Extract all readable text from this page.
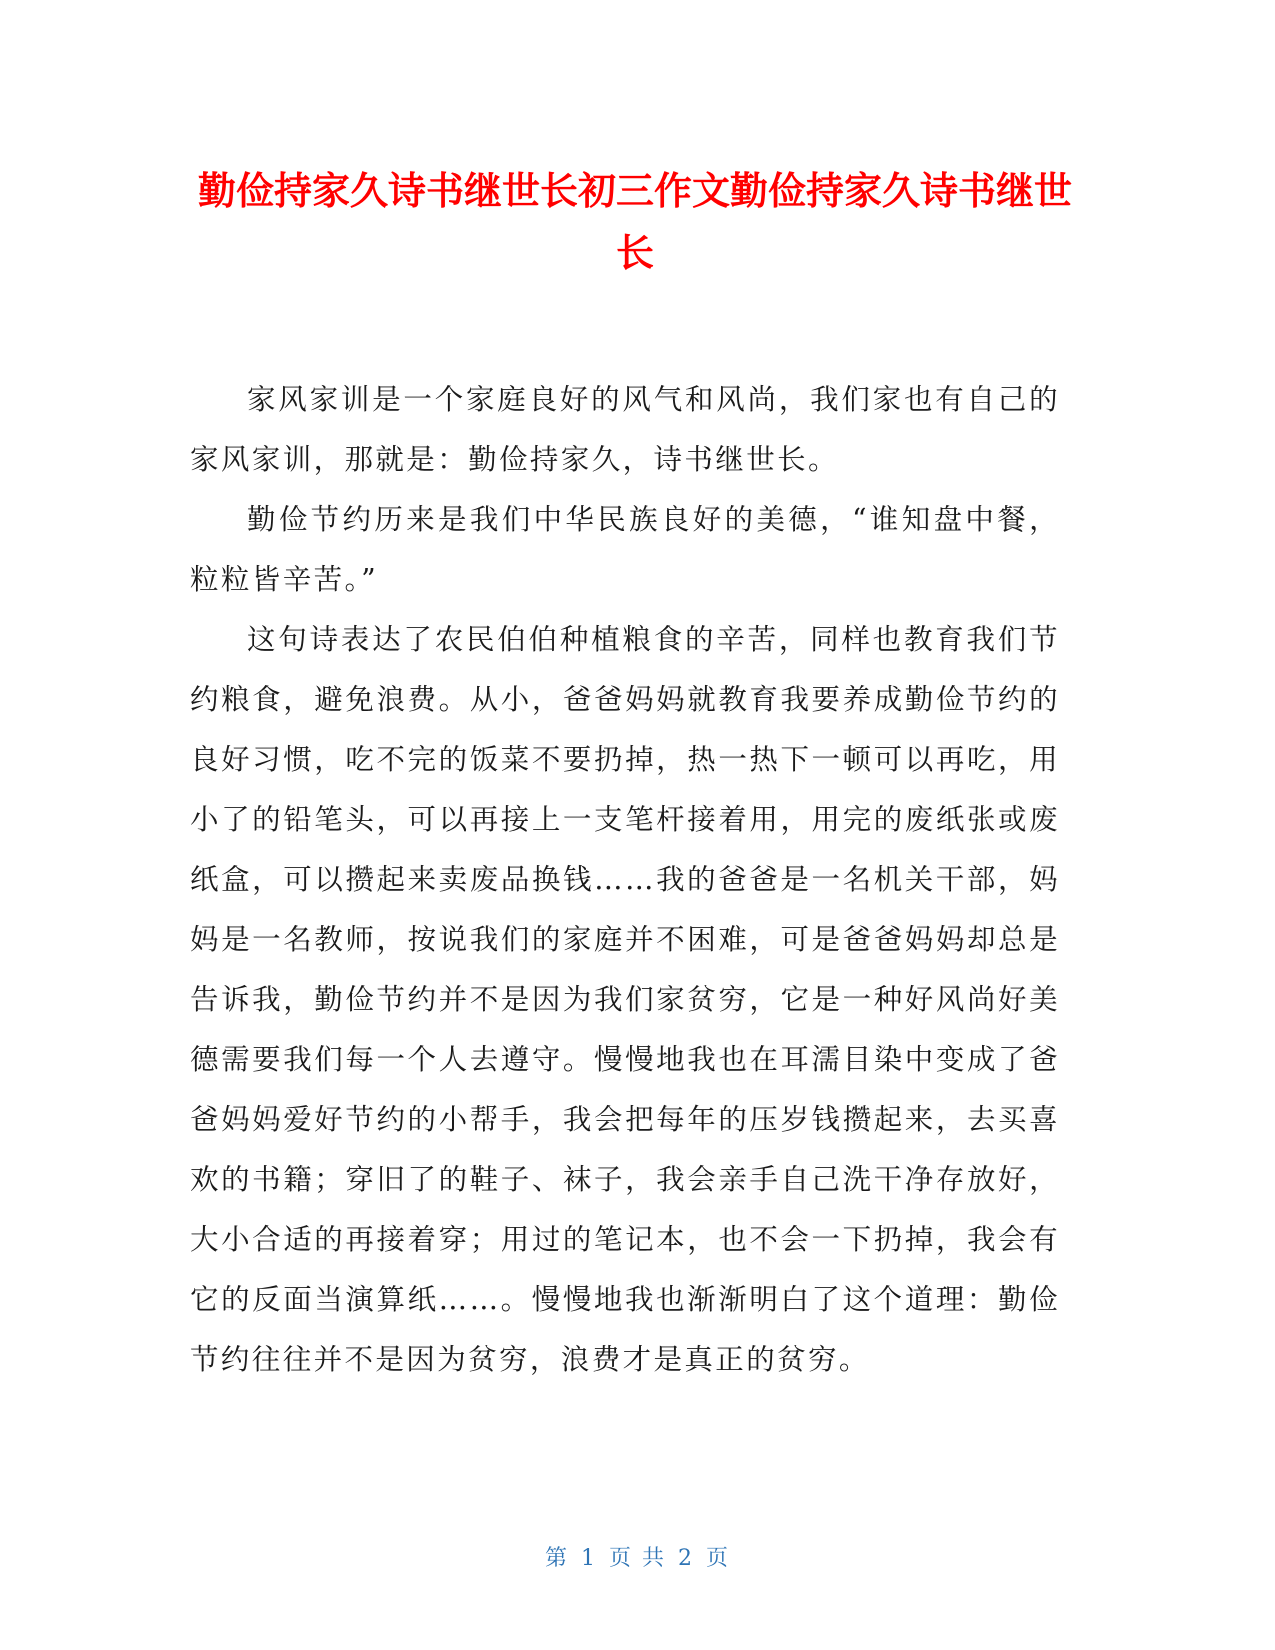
勤俭持家久诗书继世长初三作文勤俭持家久诗书继世长

家风家训是一个家庭良好的风气和风尚，我们家也有自己的家风家训，那就是：勤俭持家久，诗书继世长。

勤俭节约历来是我们中华民族良好的美德，“谁知盘中餐，粒粒皆辛苦。”

这句诗表达了农民伯伯种植粮食的辛苦，同样也教育我们节约粮食，避免浪费。从小，爸爸妈妈就教育我要养成勤俭节约的良好习惯，吃不完的饭菜不要扔掉，热一热下一顿可以再吃，用小了的铅笔头，可以再接上一支笔杆接着用，用完的废纸张或废纸盒，可以攒起来卖废品换钱……我的爸爸是一名机关干部，妈妈是一名教师，按说我们的家庭并不困难，可是爸爸妈妈却总是告诉我，勤俭节约并不是因为我们家贫穷，它是一种好风尚好美德需要我们每一个人去遵守。慢慢地我也在耳濡目染中变成了爸爸妈妈爱好节约的小帮手，我会把每年的压岁钱攒起来，去买喜欢的书籍；穿旧了的鞋子、袜子，我会亲手自己洗干净存放好，大小合适的再接着穿；用过的笔记本，也不会一下扔掉，我会有它的反面当演算纸……。慢慢地我也渐渐明白了这个道理：勤俭节约往往并不是因为贫穷，浪费才是真正的贫穷。

第 1 页 共 2 页
